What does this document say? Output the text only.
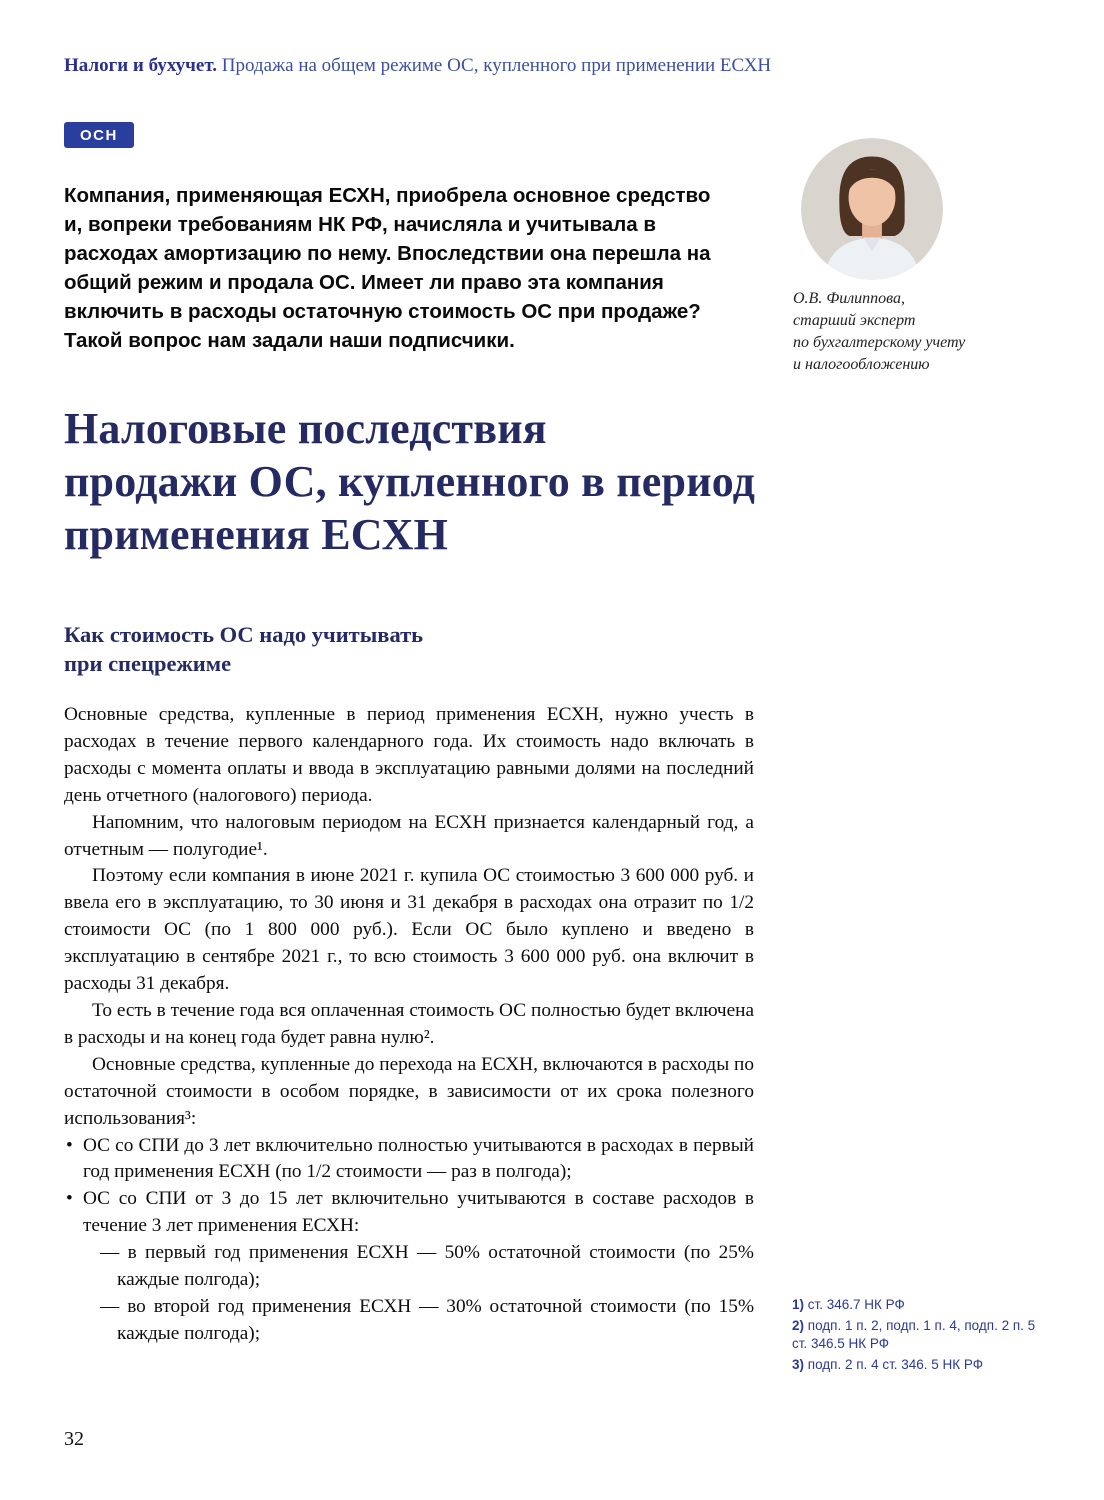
Налоги и бухучет. Продажа на общем режиме ОС, купленного при применении ЕСХН
ОСН

Компания, применяющая ЕСХН, приобрела основное средство и, вопреки требованиям НК РФ, начисляла и учитывала в расходах амортизацию по нему. Впоследствии она перешла на общий режим и продала ОС. Имеет ли право эта компания включить в расходы остаточную стоимость ОС при продаже? Такой вопрос нам задали наши подписчики.

О.В. Филиппова,
старший эксперт
по бухгалтерскому учету
и налогообложению
Налоговые последствия
продажи ОС, купленного в период
применения ЕСХН
Как стоимость ОС надо учитывать
при спецрежиме

Основные средства, купленные в период применения ЕСХН, нужно учесть в расходах в течение первого календарного года. Их стоимость надо включать в расходы с момента оплаты и ввода в эксплуатацию равными долями на последний день отчетного (налогового) периода.

Напомним, что налоговым периодом на ЕСХН признается календарный год, а отчетным — полугодие¹.

Поэтому если компания в июне 2021 г. купила ОС стоимостью 3 600 000 руб. и ввела его в эксплуатацию, то 30 июня и 31 декабря в расходах она отразит по 1/2 стоимости ОС (по 1 800 000 руб.). Если ОС было куплено и введено в эксплуатацию в сентябре 2021 г., то всю стоимость 3 600 000 руб. она включит в расходы 31 декабря.

То есть в течение года вся оплаченная стоимость ОС полностью будет включена в расходы и на конец года будет равна нулю².

Основные средства, купленные до перехода на ЕСХН, включаются в расходы по остаточной стоимости в особом порядке, в зависимости от их срока полезного использования³:

• ОС со СПИ до 3 лет включительно полностью учитываются в расходах в первый год применения ЕСХН (по 1/2 стоимости — раз в полгода);
• ОС со СПИ от 3 до 15 лет включительно учитываются в составе расходов в течение 3 лет применения ЕСХН:
— в первый год применения ЕСХН — 50% остаточной стоимости (по 25% каждые полгода);
— во второй год применения ЕСХН — 30% остаточной стоимости (по 15% каждые полгода);

1) ст. 346.7 НК РФ

2) подп. 1 п. 2, подп. 1 п. 4, подп. 2 п. 5 ст. 346.5 НК РФ

3) подп. 2 п. 4 ст. 346. 5 НК РФ

32
